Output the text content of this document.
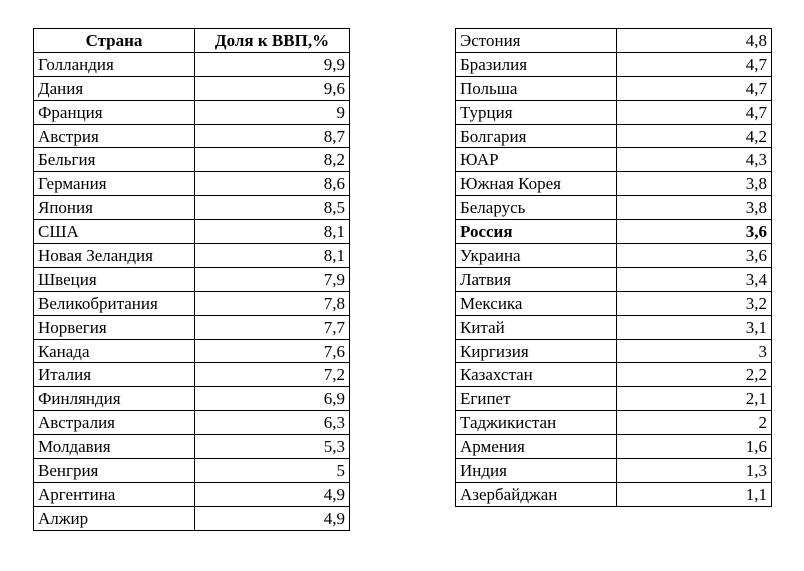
Страна	Доля к ВВП,%
Голландия	9,9
Дания	9,6
Франция	9
Австрия	8,7
Бельгия	8,2
Германия	8,6
Япония	8,5
США	8,1
Новая Зеландия	8,1
Швеция	7,9
Великобритания	7,8
Норвегия	7,7
Канада	7,6
Италия	7,2
Финляндия	6,9
Австралия	6,3
Молдавия	5,3
Венгрия	5
Аргентина	4,9
Алжир	4,9
Эстония	4,8
Бразилия	4,7
Польша	4,7
Турция	4,7
Болгария	4,2
ЮАР	4,3
Южная Корея	3,8
Беларусь	3,8
Россия	3,6
Украина	3,6
Латвия	3,4
Мексика	3,2
Китай	3,1
Киргизия	3
Казахстан	2,2
Египет	2,1
Таджикистан	2
Армения	1,6
Индия	1,3
Азербайджан	1,1
